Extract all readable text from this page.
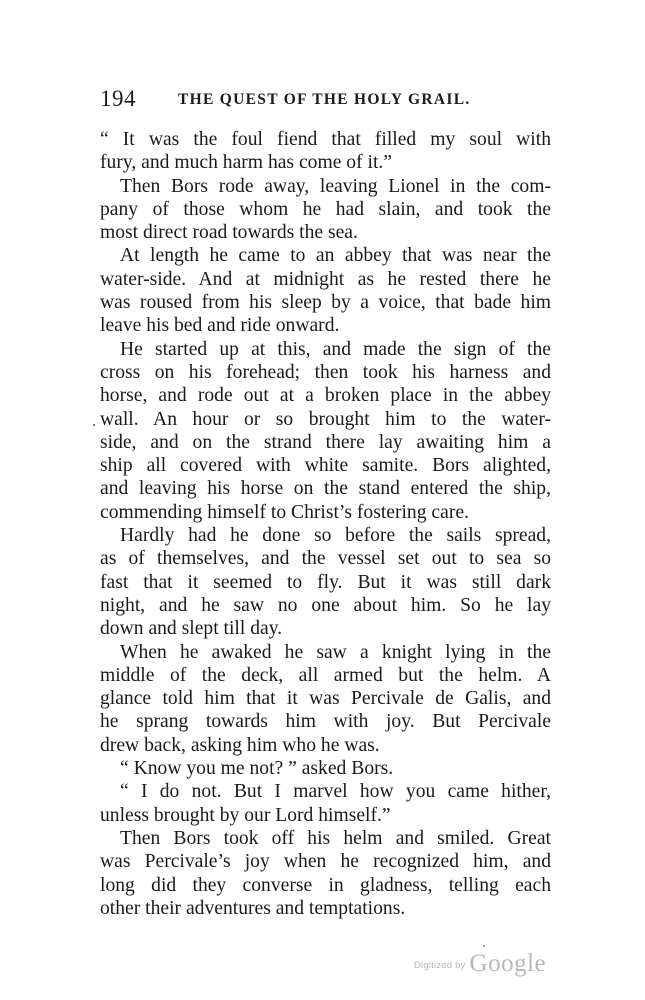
194	THE QUEST OF THE HOLY GRAIL.
“ It was the foul fiend that filled my soul with
fury, and much harm has come of it.”
Then Bors rode away, leaving Lionel in the com-
pany of those whom he had slain, and took the
most direct road towards the sea.
At length he came to an abbey that was near the
water-side. And at midnight as he rested there he
was roused from his sleep by a voice, that bade him
leave his bed and ride onward.
He started up at this, and made the sign of the
cross on his forehead; then took his harness and
horse, and rode out at a broken place in the abbey
wall. An hour or so brought him to the water-
side, and on the strand there lay awaiting him a
ship all covered with white samite. Bors alighted,
and leaving his horse on the stand entered the ship,
commending himself to Christ’s fostering care.
Hardly had he done so before the sails spread,
as of themselves, and the vessel set out to sea so
fast that it seemed to fly. But it was still dark
night, and he saw no one about him. So he lay
down and slept till day.
When he awaked he saw a knight lying in the
middle of the deck, all armed but the helm. A
glance told him that it was Percivale de Galis, and
he sprang towards him with joy. But Percivale
drew back, asking him who he was.
“ Know you me not? ” asked Bors.
“ I do not. But I marvel how you came hither,
unless brought by our Lord himself.”
Then Bors took off his helm and smiled. Great
was Percivale’s joy when he recognized him, and
long did they converse in gladness, telling each
other their adventures and temptations.
Digitized by Google
